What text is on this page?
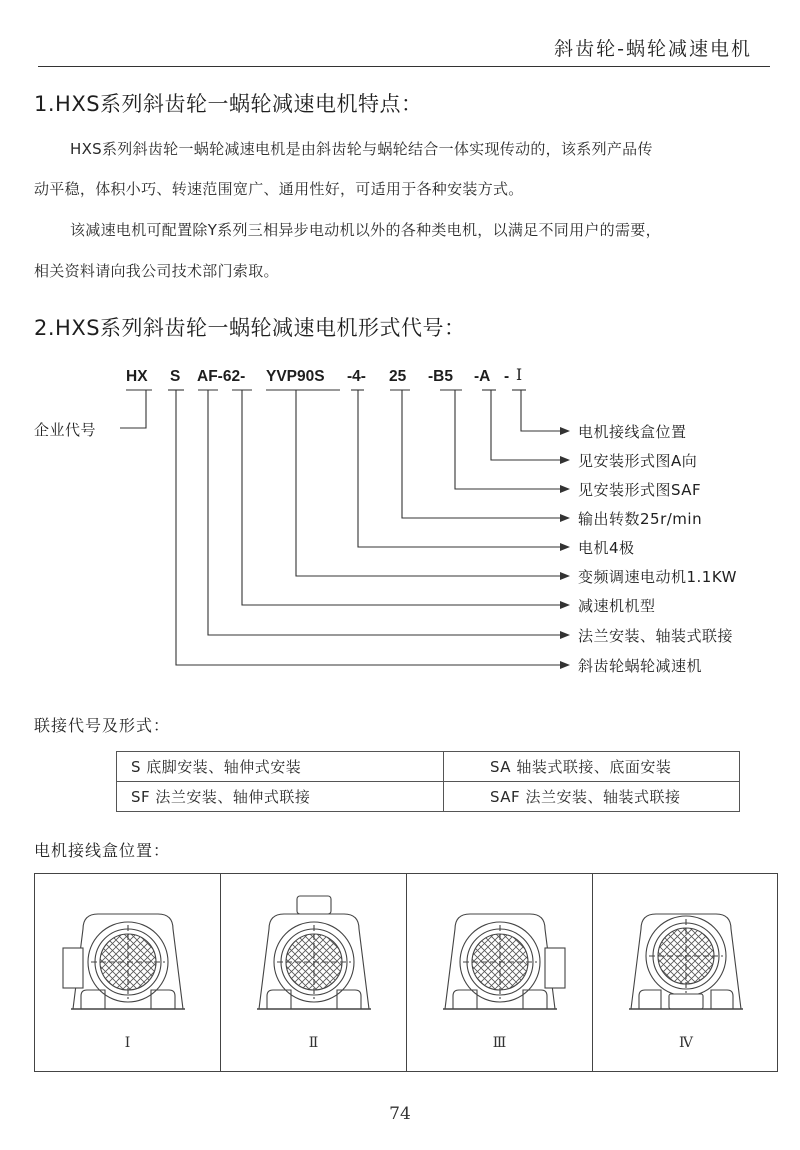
斜齿轮-蜗轮减速电机
1.HXS系列斜齿轮一蜗轮减速电机特点：
HXS系列斜齿轮一蜗轮减速电机是由斜齿轮与蜗轮结合一体实现传动的，该系列产品传
动平稳，体积小巧、转速范围宽广、通用性好，可适用于各种安装方式。
该减速电机可配置除Y系列三相异步电动机以外的各种类电机，以满足不同用户的需要，
相关资料请向我公司技术部门索取。
2.HXS系列斜齿轮一蜗轮减速电机形式代号：
HX S AF-62- YVP90S -4- 25 -B5 -A - Ⅰ
企业代号	电机接线盒位置
见安装形式图A向
见安装形式图SAF
输出转数25r/min
电机4极
变频调速电动机1.1KW
减速机机型
法兰安装、轴装式联接
斜齿轮蜗轮减速机
联接代号及形式：
S 底脚安装、轴伸式安装	SA 轴装式联接、底面安装
SF 法兰安装、轴伸式联接	SAF 法兰安装、轴装式联接
电机接线盒位置：
Ⅰ	Ⅱ	Ⅲ	Ⅳ
74
